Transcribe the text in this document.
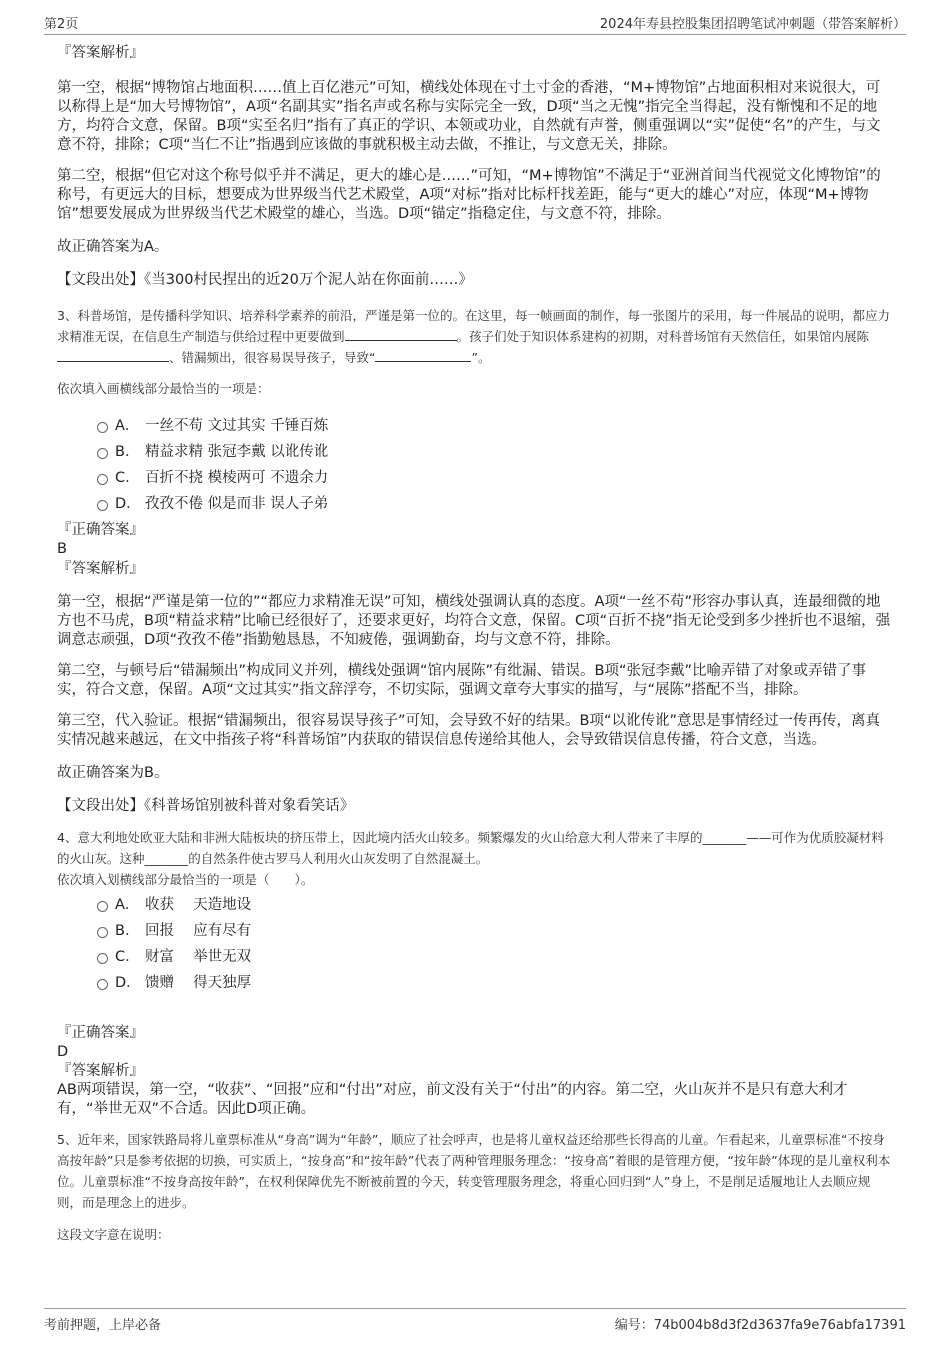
第2页	2024年寿县控股集团招聘笔试冲刺题（带答案解析）

『答案解析』

第一空，根据“博物馆占地面积……值上百亿港元”可知，横线处体现在寸土寸金的香港，“M+博物馆”占地面积相对来说很大，可以称得上是“加大号博物馆”，A项“名副其实”指名声或名称与实际完全一致，D项“当之无愧”指完全当得起，没有惭愧和不足的地方，均符合文意，保留。B项“实至名归”指有了真正的学识、本领或功业，自然就有声誉，侧重强调以“实”促使“名”的产生，与文意不符，排除；C项“当仁不让”指遇到应该做的事就积极主动去做，不推让，与文意无关，排除。

第二空，根据“但它对这个称号似乎并不满足，更大的雄心是……”可知，“M+博物馆”不满足于“亚洲首间当代视觉文化博物馆”的称号，有更远大的目标，想要成为世界级当代艺术殿堂，A项“对标”指对比标杆找差距，能与“更大的雄心”对应，体现“M+博物馆”想要发展成为世界级当代艺术殿堂的雄心，当选。D项“锚定”指稳定住，与文意不符，排除。

故正确答案为A。

【文段出处】《当300村民捏出的近20万个泥人站在你面前……》

3、科普场馆，是传播科学知识、培养科学素养的前沿，严谨是第一位的。在这里，每一帧画面的制作，每一张图片的采用，每一件展品的说明，都应力求精准无误，在信息生产制造与供给过程中更要做到	。孩子们处于知识体系建构的初期，对科普场馆有天然信任，如果馆内展陈、错漏频出，很容易误导孩子，导致“	”。

依次填入画横线部分最恰当的一项是：

A． 一丝不苟 文过其实 千锤百炼
B． 精益求精 张冠李戴 以讹传讹
C． 百折不挠 模棱两可 不遗余力
D． 孜孜不倦 似是而非 误人子弟

『正确答案』

B

『答案解析』

第一空，根据“严谨是第一位的”“都应力求精准无误”可知，横线处强调认真的态度。A项“一丝不苟”形容办事认真，连最细微的地方也不马虎，B项“精益求精”比喻已经很好了，还要求更好，均符合文意，保留。C项“百折不挠”指无论受到多少挫折也不退缩，强调意志顽强，D项“孜孜不倦”指勤勉恳恳，不知疲倦，强调勤奋，均与文意不符，排除。

第二空，与顿号后“错漏频出”构成同义并列，横线处强调“馆内展陈”有纰漏、错误。B项“张冠李戴”比喻弄错了对象或弄错了事实，符合文意，保留。A项“文过其实”指文辞浮夸，不切实际，强调文章夸大事实的描写，与“展陈”搭配不当，排除。

第三空，代入验证。根据“错漏频出，很容易误导孩子”可知，会导致不好的结果。B项“以讹传讹”意思是事情经过一传再传，离真实情况越来越远，在文中指孩子将“科普场馆”内获取的错误信息传递给其他人，会导致错误信息传播，符合文意，当选。

故正确答案为B。

【文段出处】《科普场馆别被科普对象看笑话》

4、意大利地处欧亚大陆和非洲大陆板块的挤压带上，因此境内活火山较多。频繁爆发的火山给意大利人带来了丰厚的_______——可作为优质胶凝材料的火山灰。这种_______的自然条件使古罗马人利用火山灰发明了自然混凝土。

依次填入划横线部分最恰当的一项是（　　）。

A． 收获　 天造地设
B． 回报　 应有尽有
C． 财富　 举世无双
D． 馈赠　 得天独厚

『正确答案』

D

『答案解析』

AB两项错误，第一空，“收获”、“回报”应和“付出”对应，前文没有关于“付出”的内容。第二空，火山灰并不是只有意大利才有，“举世无双”不合适。因此D项正确。

5、近年来，国家铁路局将儿童票标准从“身高”调为“年龄”，顺应了社会呼声，也是将儿童权益还给那些长得高的儿童。乍看起来，儿童票标准“不按身高按年龄”只是参考依据的切换，可实质上，“按身高”和“按年龄”代表了两种管理服务理念：“按身高”着眼的是管理方便，“按年龄”体现的是儿童权利本位。儿童票标准“不按身高按年龄”，在权利保障优先不断被前置的今天，转变管理服务理念，将重心回归到“人”身上，不是削足适履地让人去顺应规则，而是理念上的进步。

这段文字意在说明：

考前押题，上岸必备	编号：74b004b8d3f2d3637fa9e76abfa17391
